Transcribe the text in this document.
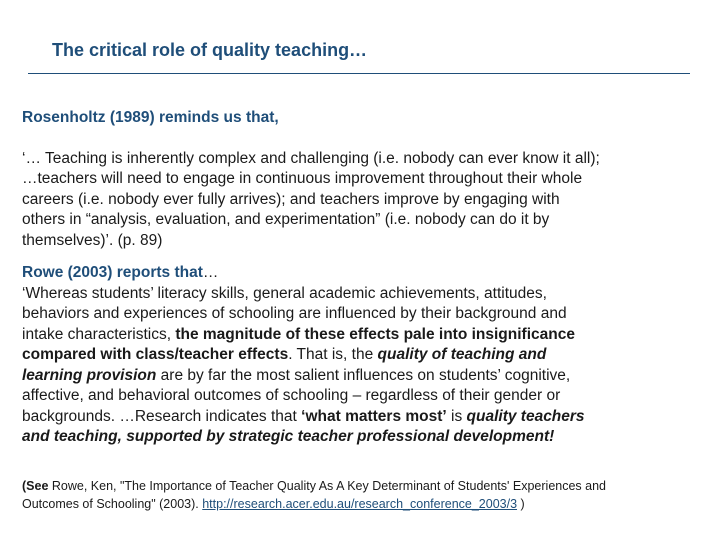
The critical role of quality teaching…
Rosenholtz (1989) reminds us that,
‘… Teaching is inherently complex and challenging (i.e. nobody can ever know it all);
…teachers will need to engage in continuous improvement throughout their whole
careers (i.e. nobody ever fully arrives); and teachers improve by engaging with
others in “analysis, evaluation, and experimentation” (i.e. nobody can do it by
themselves)’. (p. 89)
Rowe (2003) reports that…
‘Whereas students’ literacy skills, general academic achievements, attitudes,
behaviors and experiences of schooling are influenced by their background and
intake characteristics, the magnitude of these effects pale into insignificance
compared with class/teacher effects. That is, the quality of teaching and
learning provision are by far the most salient influences on students’ cognitive,
affective, and behavioral outcomes of schooling – regardless of their gender or
backgrounds. …Research indicates that ‘what matters most’ is quality teachers
and teaching, supported by strategic teacher professional development!
(See Rowe, Ken, "The Importance of Teacher Quality As A Key Determinant of Students' Experiences and
Outcomes of Schooling" (2003). http://research.acer.edu.au/research_conference_2003/3 )
